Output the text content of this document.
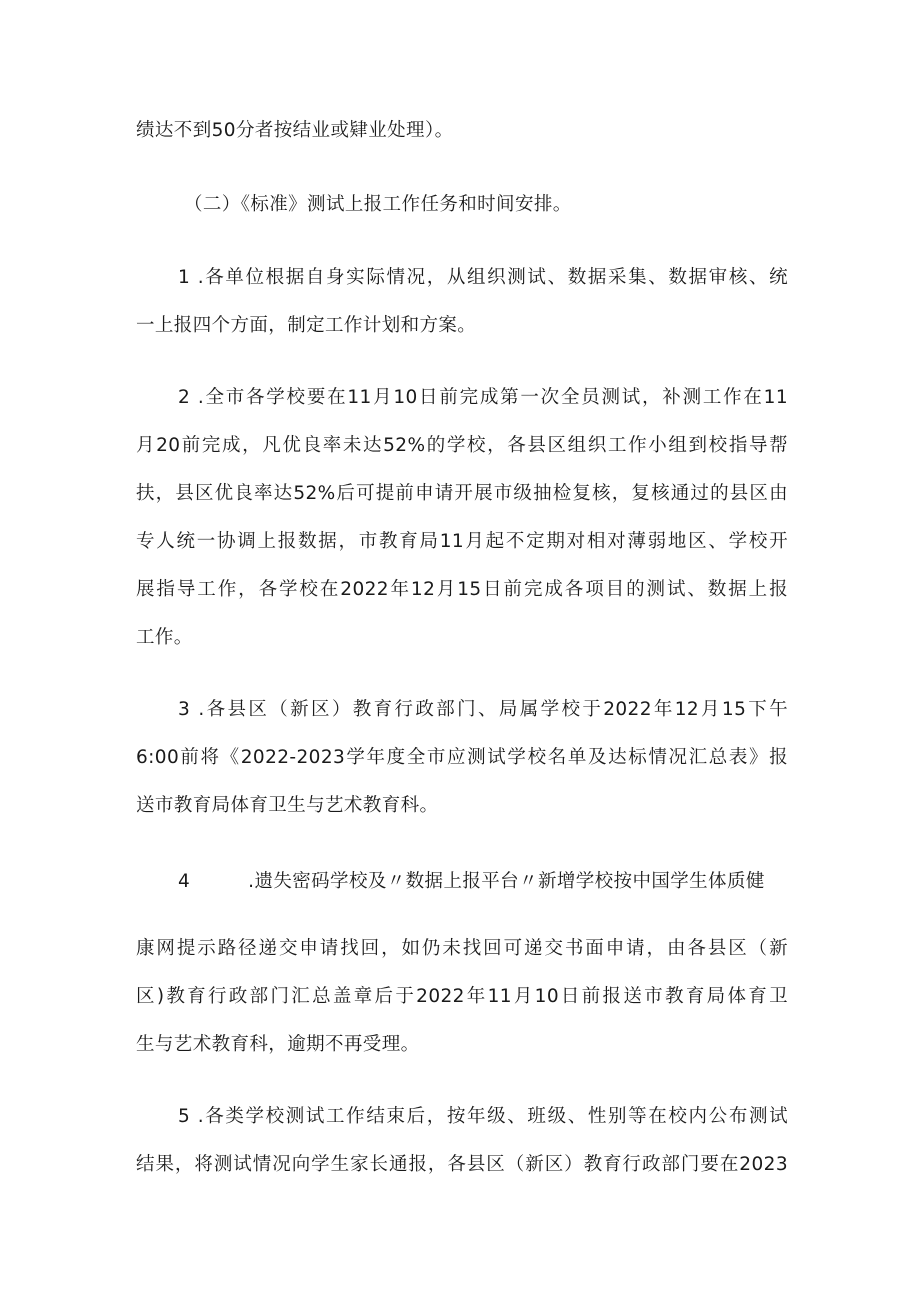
绩达不到50分者按结业或肄业处理）。
（二）《标准》测试上报工作任务和时间安排。
1 .各单位根据自身实际情况，从组织测试、数据采集、数据审核、统
一上报四个方面，制定工作计划和方案。
2 .全市各学校要在11月10日前完成第一次全员测试，补测工作在11
月20前完成，凡优良率未达52%的学校，各县区组织工作小组到校指导帮
扶，县区优良率达52%后可提前申请开展市级抽检复核，复核通过的县区由
专人统一协调上报数据，市教育局11月起不定期对相对薄弱地区、学校开
展指导工作，各学校在2022年12月15日前完成各项目的测试、数据上报
工作。
3 .各县区（新区）教育行政部门、局属学校于2022年12月15下午
6:00前将《2022-2023学年度全市应测试学校名单及达标情况汇总表》报
送市教育局体育卫生与艺术教育科。
4	.遗失密码学校及〃数据上报平台〃新增学校按中国学生体质健
康网提示路径递交申请找回，如仍未找回可递交书面申请，由各县区（新
区)教育行政部门汇总盖章后于2022年11月10日前报送市教育局体育卫
生与艺术教育科，逾期不再受理。
5 .各类学校测试工作结束后，按年级、班级、性别等在校内公布测试
结果，将测试情况向学生家长通报，各县区（新区）教育行政部门要在2023
